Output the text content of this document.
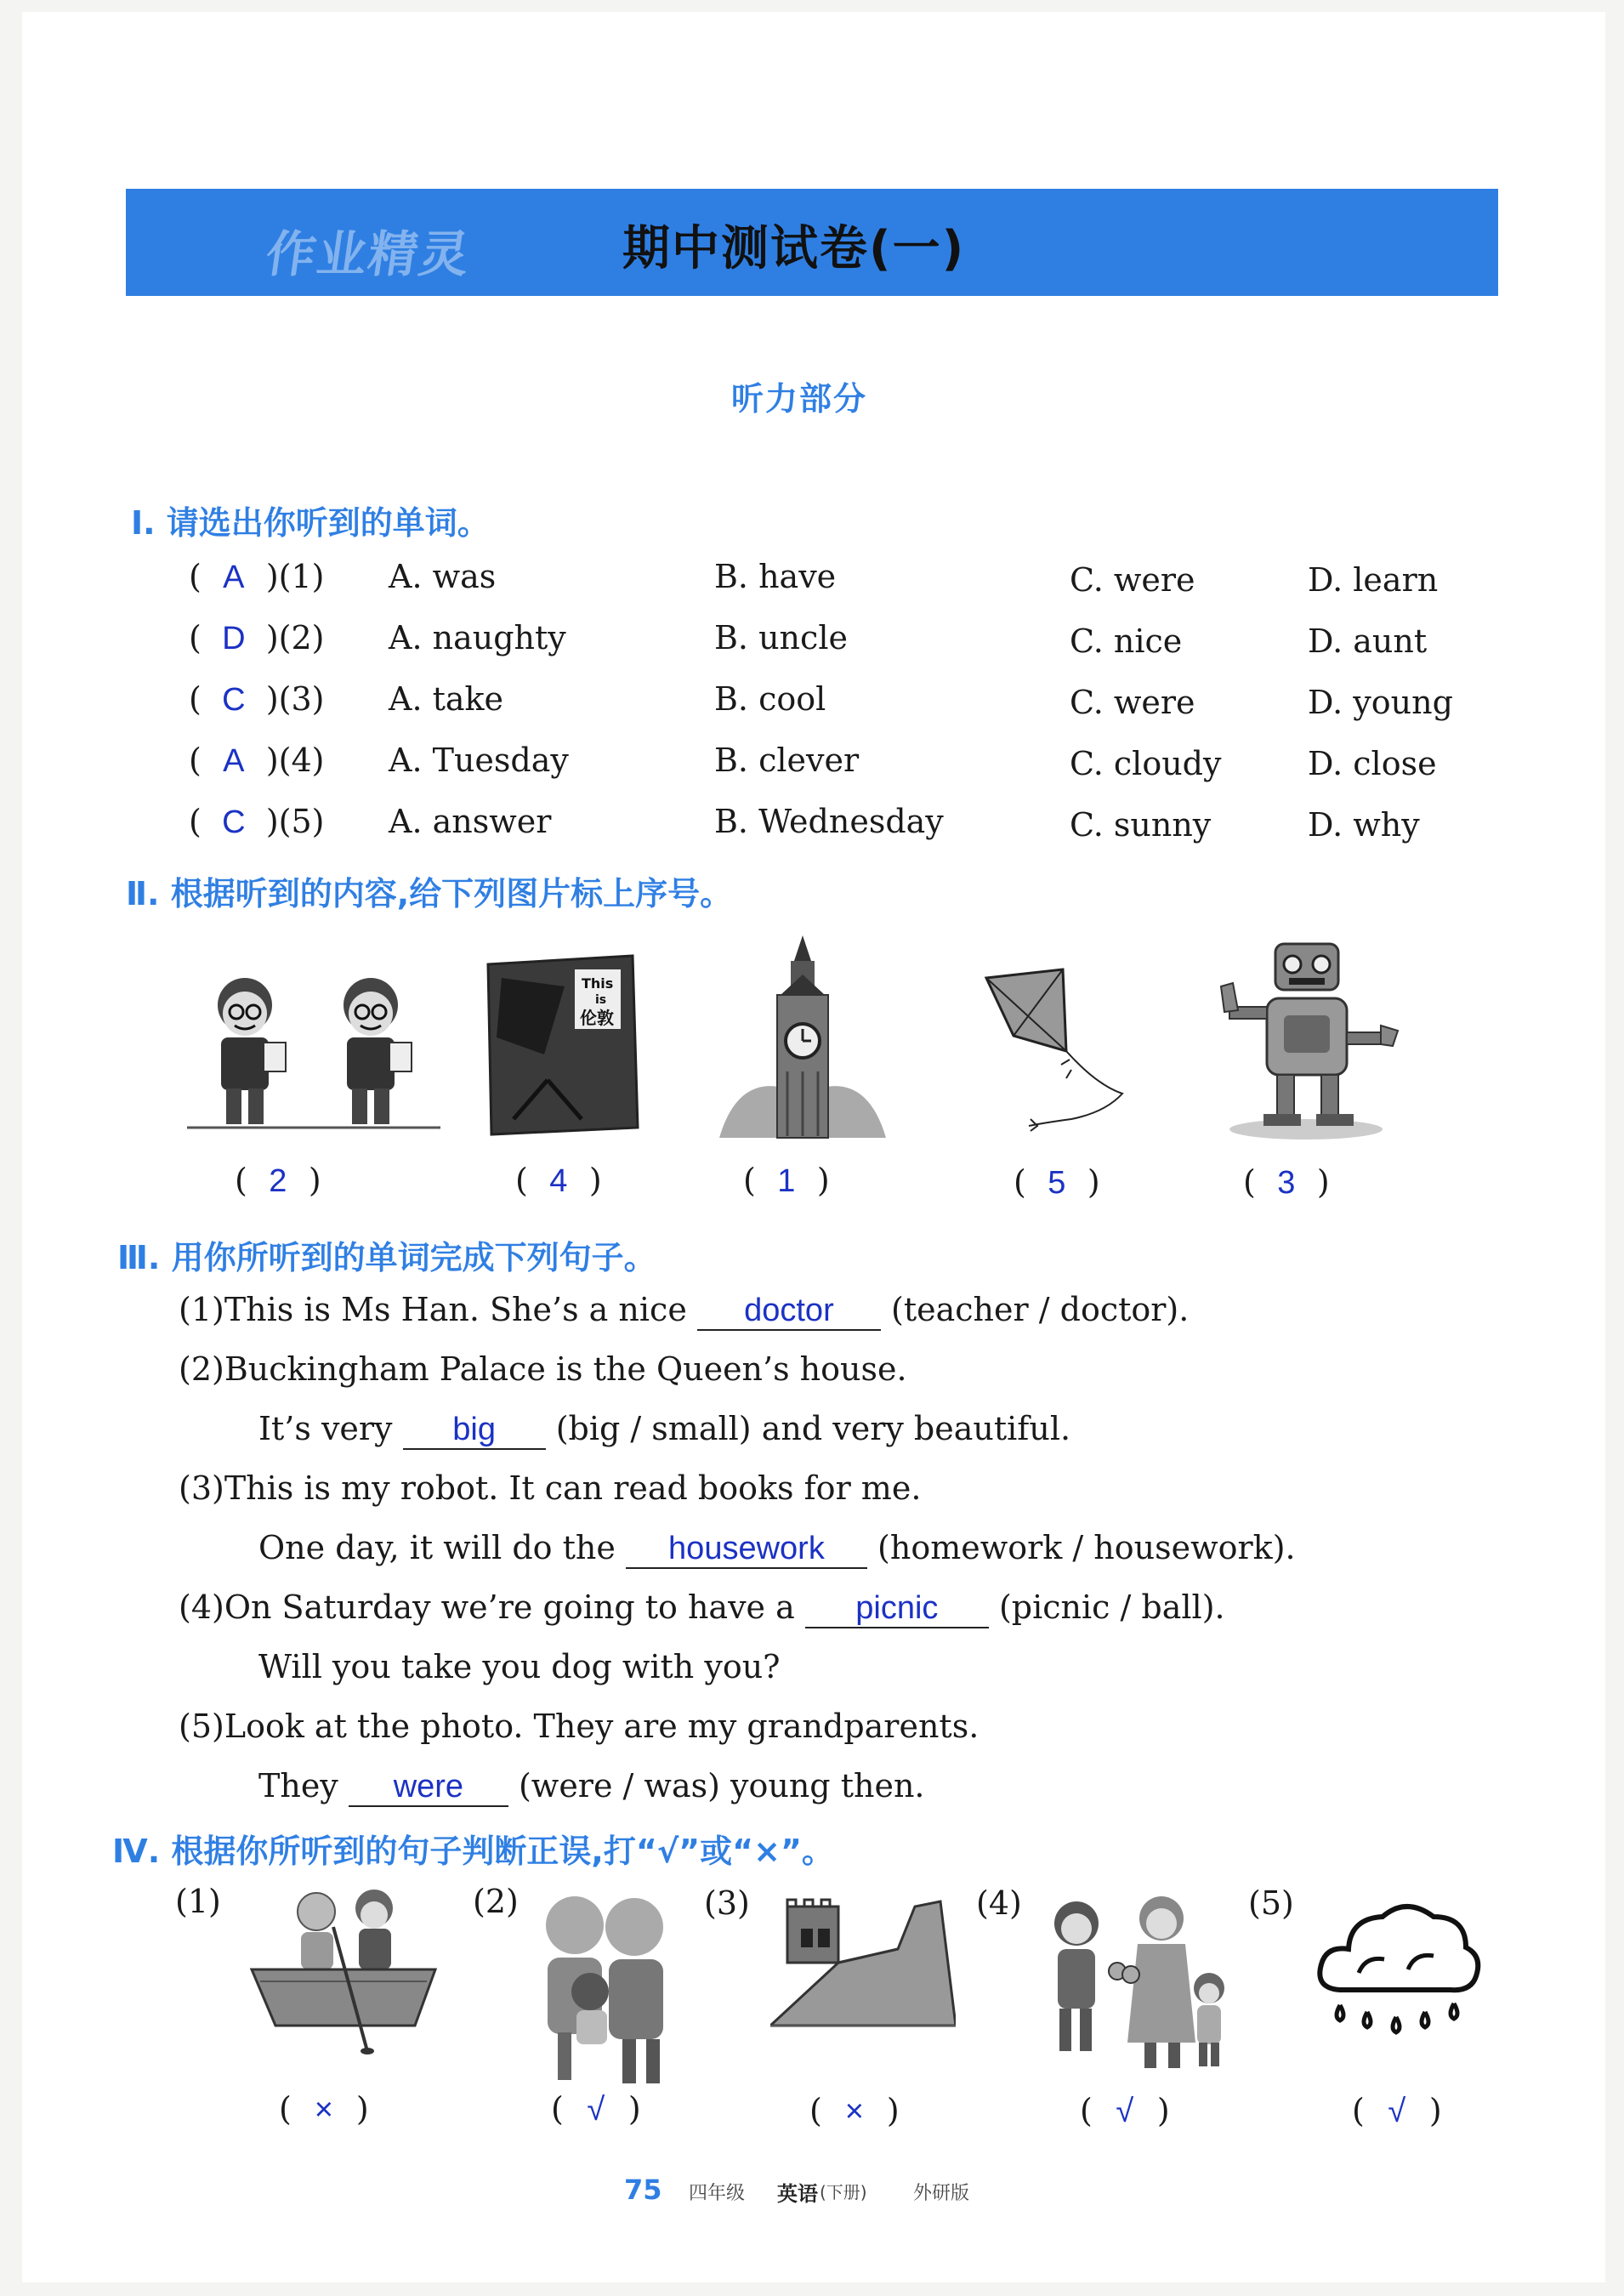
作业精灵	期中测试卷(一)
听力部分
Ⅰ. 请选出你听到的单词。
( A )(1) A. was	B. have	C. were	D. learn
( D )(2) A. naughty	B. uncle	C. nice	D. aunt
( C )(3) A. take	B. cool	C. were	D. young
( A )(4) A. Tuesday	B. clever	C. cloudy	D. close
( C )(5) A. answer	B. Wednesday	C. sunny	D. why
Ⅱ. 根据听到的内容,给下列图片标上序号。
This
is
伦敦
( 2 )	( 4 )	( 1 )	( 5 )	( 3 )
Ⅲ. 用你所听到的单词完成下列句子。
(1)This is Ms Han. She’s a nice doctor (teacher / doctor).
(2)Buckingham Palace is the Queen’s house.
It’s very big (big / small) and very beautiful.
(3)This is my robot. It can read books for me.
One day, it will do the housework (homework / housework).
(4)On Saturday we’re going to have a picnic (picnic / ball).
Will you take you dog with you?
(5)Look at the photo. They are my grandparents.
They were (were / was) young then.
Ⅳ. 根据你所听到的句子判断正误,打“√”或“×”。
(1)	(2)	(3)	(4)	(5)
( × )	( √ )	( × )	( √ )	( √ )
75 四年级 英语 (下册) 外研版
